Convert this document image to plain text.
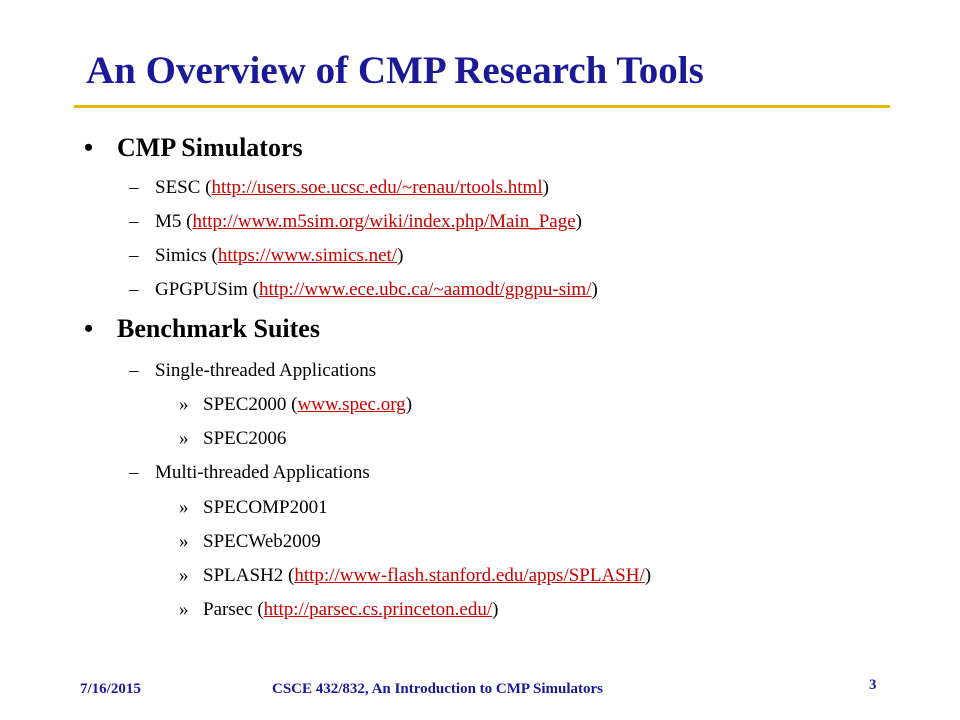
An Overview of CMP Research Tools
• CMP Simulators
– SESC (http://users.soe.ucsc.edu/~renau/rtools.html)
– M5 (http://www.m5sim.org/wiki/index.php/Main_Page)
– Simics (https://www.simics.net/)
– GPGPUSim (http://www.ece.ubc.ca/~aamodt/gpgpu-sim/)
• Benchmark Suites
– Single-threaded Applications
» SPEC2000 (www.spec.org)
» SPEC2006
– Multi-threaded Applications
» SPECOMP2001
» SPECWeb2009
» SPLASH2 (http://www-flash.stanford.edu/apps/SPLASH/)
» Parsec (http://parsec.cs.princeton.edu/)
7/16/2015	CSCE 432/832, An Introduction to CMP Simulators	3
